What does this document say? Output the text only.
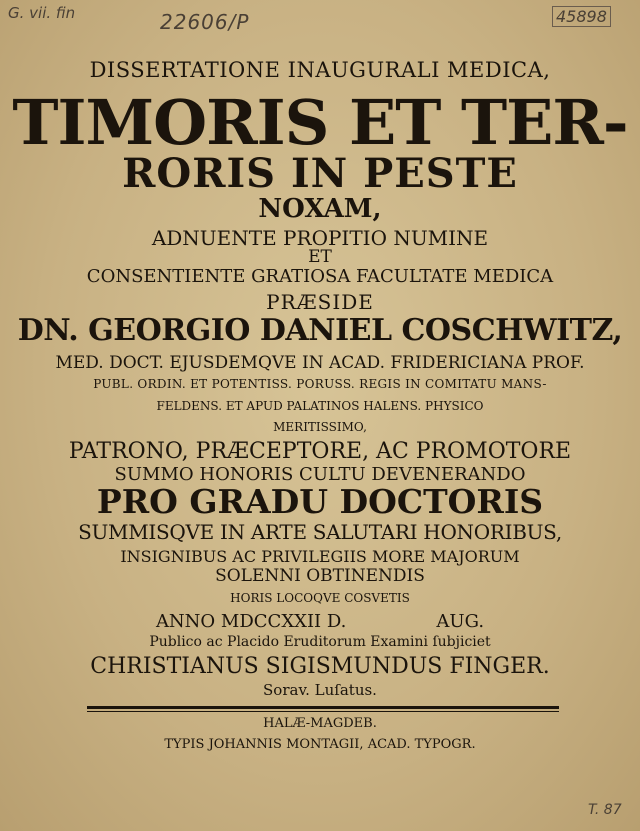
G. vii. fin	22606/P	45898
DISSERTATIONE INAUGURALI MEDICA,
TIMORIS ET TER-
RORIS IN PESTE
NOXAM,
ADNUENTE PROPITIO NUMINE
ET
CONSENTIENTE GRATIOSA FACULTATE MEDICA
PRÆSIDE
DN. GEORGIO DANIEL COSCHWITZ,
MED. DOCT. EJUSDEMQVE IN ACAD. FRIDERICIANA PROF.
PUBL. ORDIN. ET POTENTISS. PORUSS. REGIS IN COMITATU MANS-
FELDENS. ET APUD PALATINOS HALENS. PHYSICO
MERITISSIMO,
PATRONO, PRÆCEPTORE, AC PROMOTORE
SUMMO HONORIS CULTU DEVENERANDO
PRO GRADU DOCTORIS
SUMMISQVE IN ARTE SALUTARI HONORIBUS,
INSIGNIBUS AC PRIVILEGIIS MORE MAJORUM
SOLENNI OBTINENDIS
HORIS LOCOQVE COSVETIS
ANNO MDCCXXII D.	AUG.
Publico ac Placido Eruditorum Examini ſubjiciet
CHRISTIANUS SIGISMUNDUS FINGER.
Sorav. Luſatus.
HALÆ-MAGDEB.
TYPIS JOHANNIS MONTAGII, ACAD. TYPOGR.
T. 87
